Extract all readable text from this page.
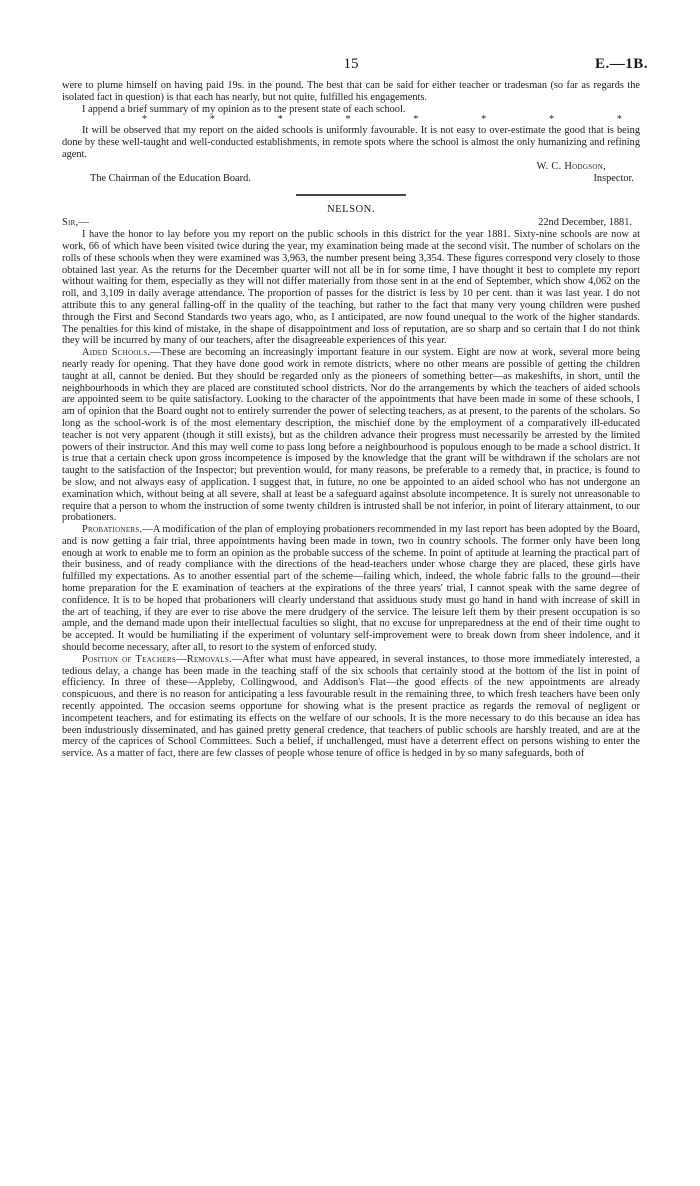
15	E.—1B.

were to plume himself on having paid 19s. in the pound. The best that can be said for either teacher or tradesman (so far as regards the isolated fact in question) is that each has nearly, but not quite, fulfilled his engagements.

I append a brief summary of my opinion as to the present state of each school.

*	*	*	*	*	*	*	*

It will be observed that my report on the aided schools is uniformly favourable. It is not easy to over-estimate the good that is being done by these well-taught and well-conducted establishments, in remote spots where the school is almost the only humanizing and refining agent.

W. C. Hodgson,
The Chairman of the Education Board.	Inspector.
NELSON.
Sir,—	22nd December, 1881.

I have the honor to lay before you my report on the public schools in this district for the year 1881. Sixty-nine schools are now at work, 66 of which have been visited twice during the year, my examination being made at the second visit. The number of scholars on the rolls of these schools when they were examined was 3,963, the number present being 3,354. These figures correspond very closely to those obtained last year. As the returns for the December quarter will not all be in for some time, I have thought it best to complete my report without waiting for them, especially as they will not differ materially from those sent in at the end of September, which show 4,062 on the roll, and 3,109 in daily average attendance. The proportion of passes for the district is less by 10 per cent. than it was last year. I do not attribute this to any general falling-off in the quality of the teaching, but rather to the fact that many very young children were pushed through the First and Second Standards two years ago, who, as I anticipated, are now found unequal to the work of the higher standards. The penalties for this kind of mistake, in the shape of disappointment and loss of reputation, are so sharp and so certain that I do not think they will be incurred by many of our teachers, after the disagreeable experiences of this year.

Aided Schools.—These are becoming an increasingly important feature in our system. Eight are now at work, several more being nearly ready for opening. That they have done good work in remote districts, where no other means are possible of getting the children taught at all, cannot be denied. But they should be regarded only as the pioneers of something better—as makeshifts, in short, until the neighbourhoods in which they are placed are constituted school districts. Nor do the arrangements by which the teachers of aided schools are appointed seem to be quite satisfactory. Looking to the character of the appointments that have been made in some of these schools, I am of opinion that the Board ought not to entirely surrender the power of selecting teachers, as at present, to the parents of the scholars. So long as the school-work is of the most elementary description, the mischief done by the employment of a comparatively ill-educated teacher is not very apparent (though it still exists), but as the children advance their progress must necessarily be arrested by the limited powers of their instructor. And this may well come to pass long before a neighbourhood is populous enough to be made a school district. It is true that a certain check upon gross incompetence is imposed by the knowledge that the grant will be withdrawn if the scholars are not taught to the satisfaction of the Inspector; but prevention would, for many reasons, be preferable to a remedy that, in practice, is found to be slow, and not always easy of application. I suggest that, in future, no one be appointed to an aided school who has not undergone an examination which, without being at all severe, shall at least be a safeguard against absolute incompetence. It is surely not unreasonable to require that a person to whom the instruction of some twenty children is intrusted shall be not inferior, in point of literary attainment, to our probationers.

Probationers.—A modification of the plan of employing probationers recommended in my last report has been adopted by the Board, and is now getting a fair trial, three appointments having been made in town, two in country schools. The former only have been long enough at work to enable me to form an opinion as the probable success of the scheme. In point of aptitude at learning the practical part of their business, and of ready compliance with the directions of the head-teachers under whose charge they are placed, these girls have fulfilled my expectations. As to another essential part of the scheme—failing which, indeed, the whole fabric falls to the ground—their home preparation for the E examination of teachers at the expirations of the three years' trial, I cannot speak with the same degree of confidence. It is to be hoped that probationers will clearly understand that assiduous study must go hand in hand with increase of skill in the art of teaching, if they are ever to rise above the mere drudgery of the service. The leisure left them by their present occupation is so ample, and the demand made upon their intellectual faculties so slight, that no excuse for unpreparedness at the end of their time ought to be accepted. It would be humiliating if the experiment of voluntary self-improvement were to break down from sheer indolence, and it should become necessary, after all, to resort to the system of enforced study.

Position of Teachers—Removals.—After what must have appeared, in several instances, to those more immediately interested, a tedious delay, a change has been made in the teaching staff of the six schools that certainly stood at the bottom of the list in point of efficiency. In three of these—Appleby, Collingwood, and Addison's Flat—the good effects of the new appointments are already conspicuous, and there is no reason for anticipating a less favourable result in the remaining three, to which fresh teachers have been only recently appointed. The occasion seems opportune for showing what is the present practice as regards the removal of negligent or incompetent teachers, and for estimating its effects on the welfare of our schools. It is the more necessary to do this because an idea has been industriously disseminated, and has gained pretty general credence, that teachers of public schools are harshly treated, and are at the mercy of the caprices of School Committees. Such a belief, if unchallenged, must have a deterrent effect on persons wishing to enter the service. As a matter of fact, there are few classes of people whose tenure of office is hedged in by so many safeguards, both of
